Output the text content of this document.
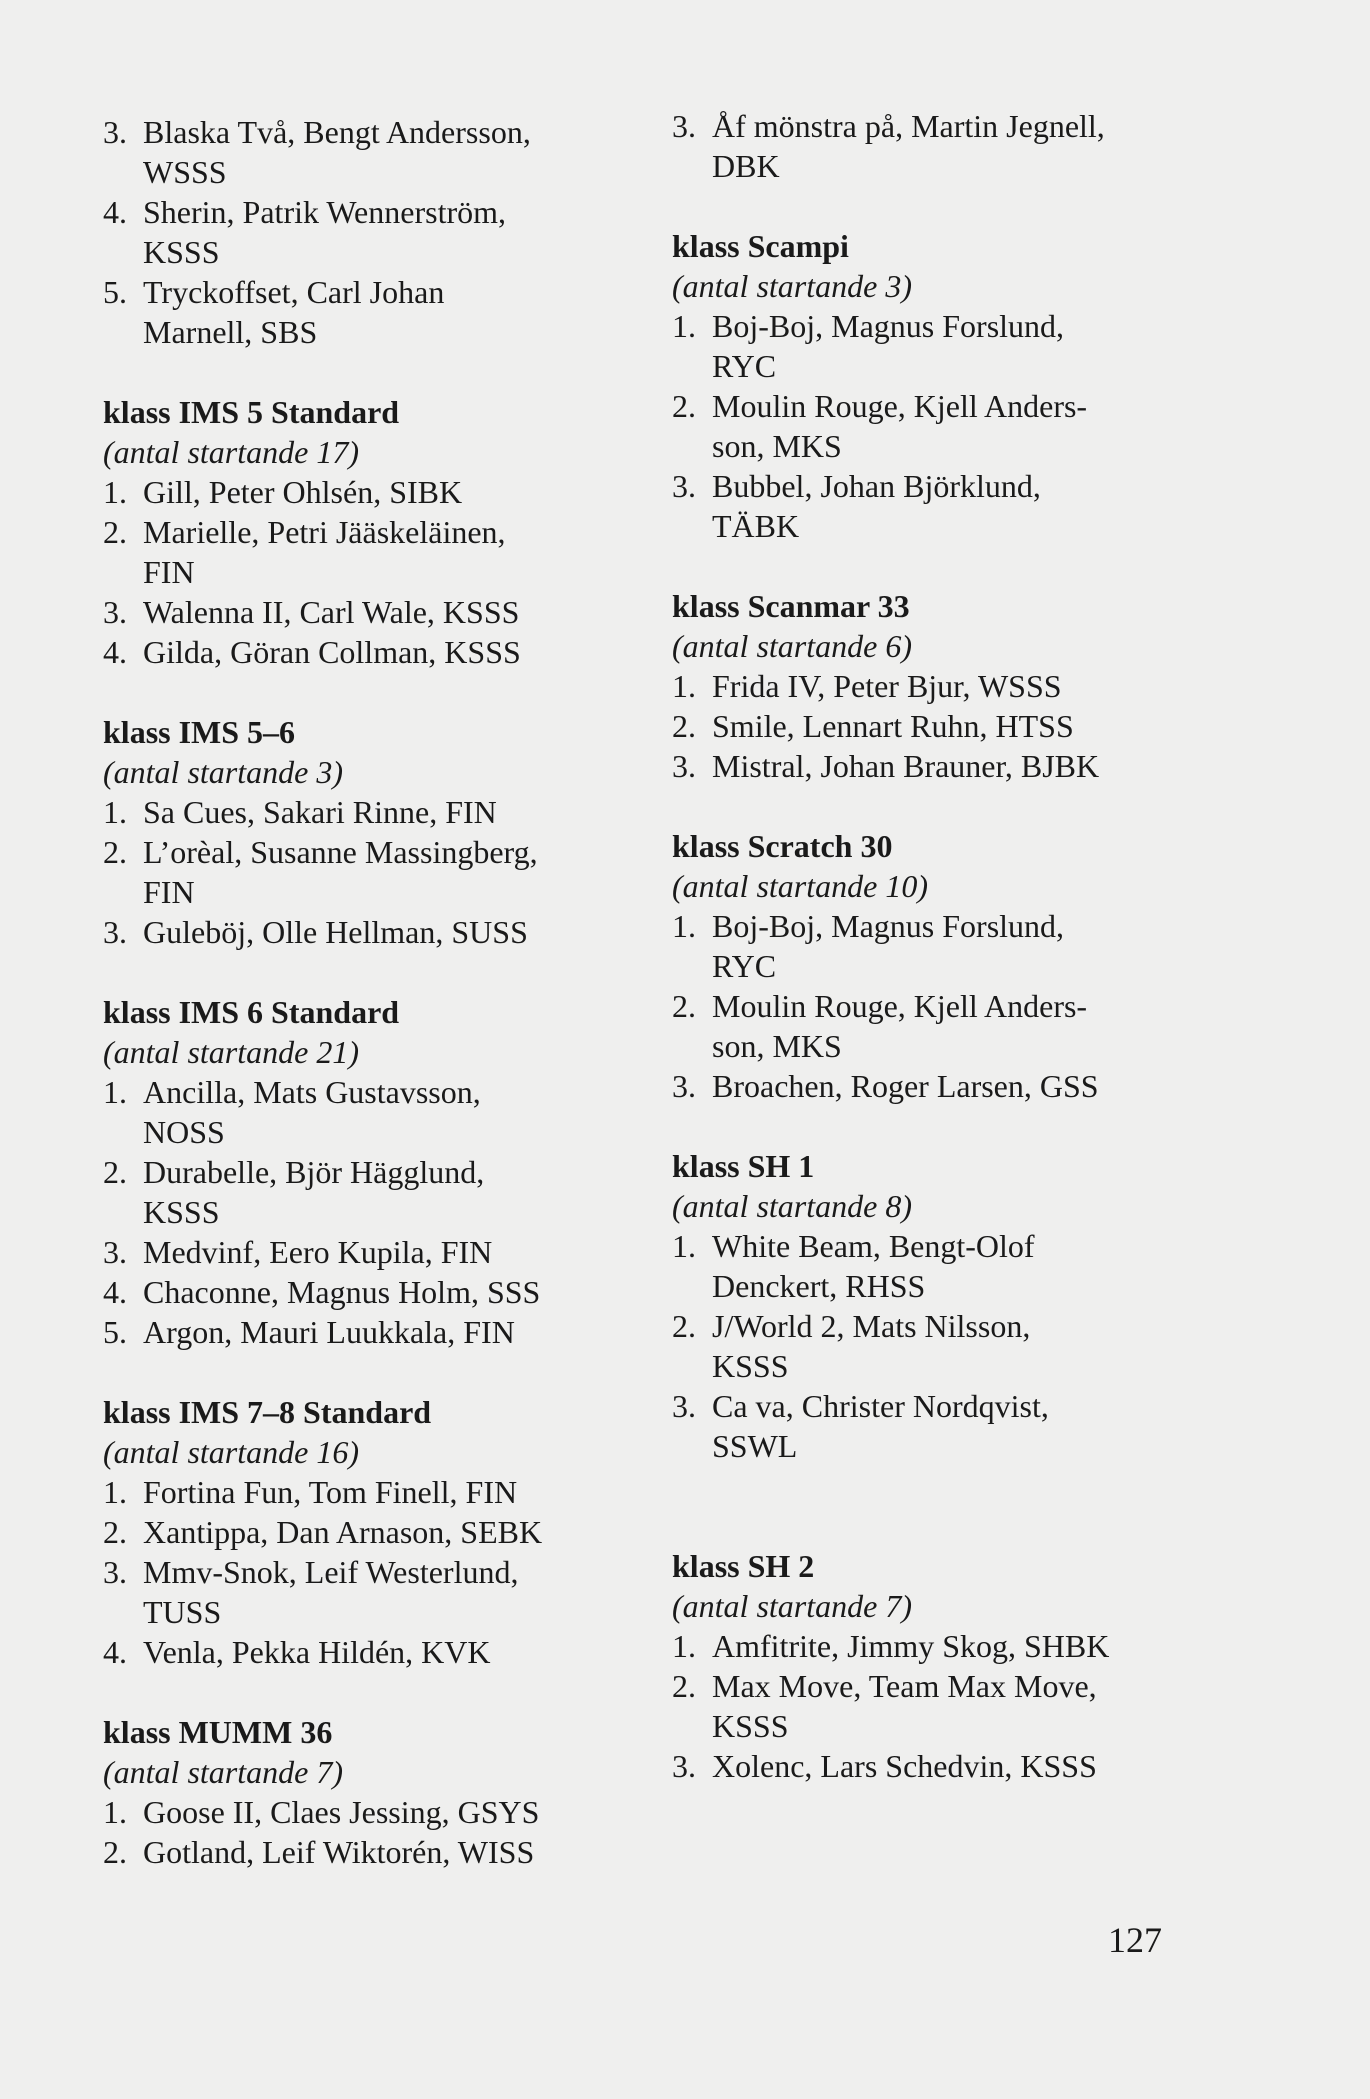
3. Blaska Två, Bengt Andersson,
WSSS
4. Sherin, Patrik Wennerström,
KSSS
5. Tryckoffset, Carl Johan
Marnell, SBS
klass IMS 5 Standard
(antal startande 17)
1. Gill, Peter Ohlsén, SIBK
2. Marielle, Petri Jääskeläinen,
FIN
3. Walenna II, Carl Wale, KSSS
4. Gilda, Göran Collman, KSSS
klass IMS 5–6
(antal startande 3)
1. Sa Cues, Sakari Rinne, FIN
2. L’orèal, Susanne Massingberg,
FIN
3. Guleböj, Olle Hellman, SUSS
klass IMS 6 Standard
(antal startande 21)
1. Ancilla, Mats Gustavsson,
NOSS
2. Durabelle, Björ Hägglund,
KSSS
3. Medvinf, Eero Kupila, FIN
4. Chaconne, Magnus Holm, SSS
5. Argon, Mauri Luukkala, FIN
klass IMS 7–8 Standard
(antal startande 16)
1. Fortina Fun, Tom Finell, FIN
2. Xantippa, Dan Arnason, SEBK
3. Mmv-Snok, Leif Westerlund,
TUSS
4. Venla, Pekka Hildén, KVK
klass MUMM 36
(antal startande 7)
1. Goose II, Claes Jessing, GSYS
2. Gotland, Leif Wiktorén, WISS
3. Åf mönstra på, Martin Jegnell,
DBK
klass Scampi
(antal startande 3)
1. Boj-Boj, Magnus Forslund,
RYC
2. Moulin Rouge, Kjell Anders-
son, MKS
3. Bubbel, Johan Björklund,
TÄBK
klass Scanmar 33
(antal startande 6)
1. Frida IV, Peter Bjur, WSSS
2. Smile, Lennart Ruhn, HTSS
3. Mistral, Johan Brauner, BJBK
klass Scratch 30
(antal startande 10)
1. Boj-Boj, Magnus Forslund,
RYC
2. Moulin Rouge, Kjell Anders-
son, MKS
3. Broachen, Roger Larsen, GSS
klass SH 1
(antal startande 8)
1. White Beam, Bengt-Olof
Denckert, RHSS
2. J/World 2, Mats Nilsson,
KSSS
3. Ca va, Christer Nordqvist,
SSWL
klass SH 2
(antal startande 7)
1. Amfitrite, Jimmy Skog, SHBK
2. Max Move, Team Max Move,
KSSS
3. Xolenc, Lars Schedvin, KSSS
127
